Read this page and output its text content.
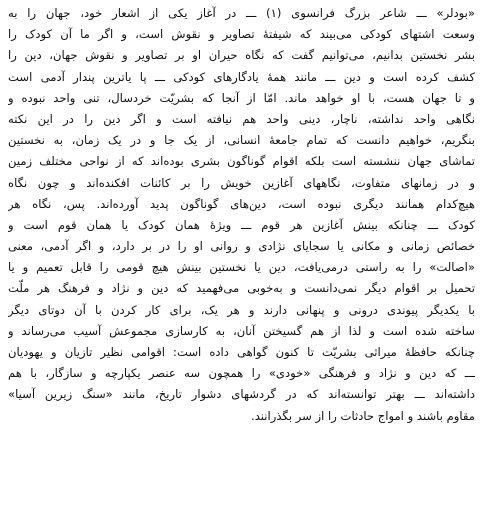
«بودلر» ـــ شاعر بزرگ فرانسوی (۱) ـــ در آغاز یکی از اشعار خود، جهان را به
وسعت اشتهای کودکی می‌بیند که شیفتهٔ تصاویر و نقوش است، و اگر ما آن کودک را
بشر نخستین بدانیم، می‌توانیم گفت که نگاه حیران او بر تصاویر و نقوش جهان، دین را
کشف کرده است و دین ـــ مانند همهٔ یادگارهای کودکی ـــ پا یاترین پندار آدمی است
و تا جهان هست، با او خواهد ماند. امّا از آنجا که بشریّت خردسال، تنی واحد نبوده و
نگاهی واحد نداشته، ناچار، دینی واحد هم نیافته است و اگر دین را در این نکته
بنگریم، خواهیم دانست که تمام جامعهٔ انسانی، از یک جا و در یک زمان، به نخستین
تماشای جهان ننشسته است بلکه اقوام گوناگون بشری بوده‌اند که از نواحی مختلف زمین
و در زمانهای متفاوت، نگاههای آغازین خویش را بر کائنات افکنده‌اند و چون نگاه
هیچ‌کدام همانند دیگری نبوده است، دین‌های گوناگون پدید آورده‌اند. پس، نگاه هر
کودک ـــ چنانکه بینش آغازین هر قوم ـــ ویژهٔ همان کودک یا همان قوم است و
خصائص زمانی و مکانی یا سجایای نژادی و روانی او را در بر دارد، و اگر آدمی، معنی
«اصالت» را به راستی درمی‌یافت، دین یا نخستین بینش هیچ قومی را قابل تعمیم و یا
تحمیل بر اقوام دیگر نمی‌دانست و به‌خوبی می‌فهمید که دین و نژاد و فرهنگ هر ملّت
با یکدیگر پیوندی درونی و پنهانی دارند و هر یک، برای کار کردن با آن دوتای دیگر
ساخته شده است و لذا از هم گسیختن آنان، به کارسازی مجموعش آسیب می‌رساند و
چنانکه حافظهٔ میراثی بشریّت تا کنون گواهی داده است: اقوامی نظیر تازیان و یهودیان
ـــ که دین و نژاد و فرهنگی «خودی» را همچون سه عنصر یکپارچه و سازگار، با هم
داشته‌اند ـــ بهتر توانسته‌اند که در گردشهای دشوار تاریخ، مانند «سنگ زیرین آسیا»
مقاوم باشند و امواج حادثات را از سر بگذرانند.
